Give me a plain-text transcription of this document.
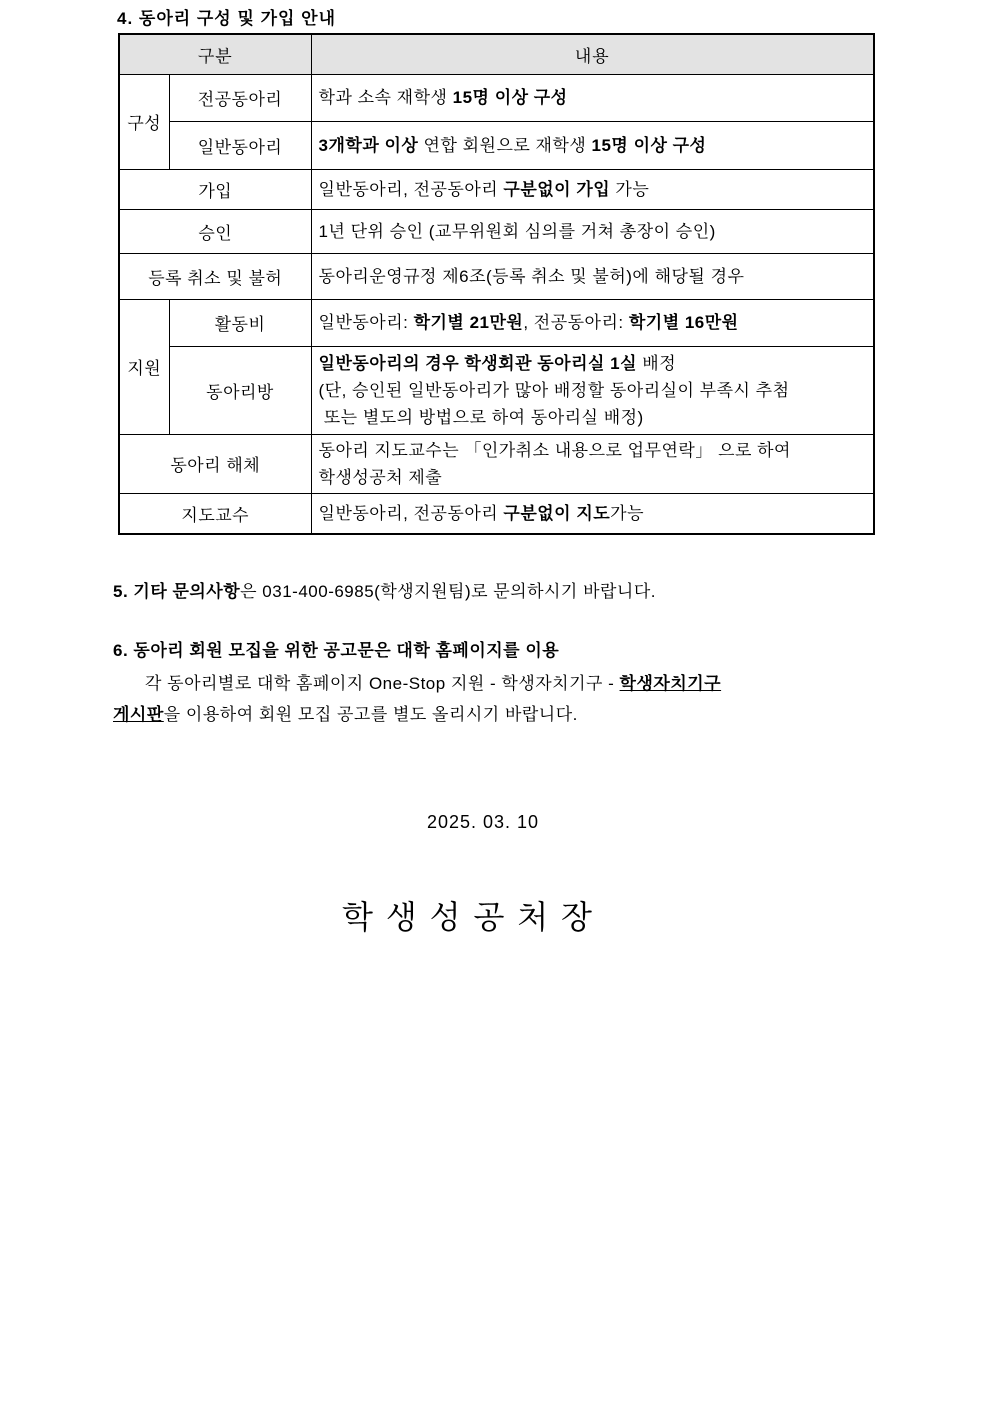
4. 동아리 구성 및 가입 안내
구분		내용
구성	전공동아리	학과 소속 재학생 15명 이상 구성
	일반동아리	3개학과 이상 연합 회원으로 재학생 15명 이상 구성
가입		일반동아리, 전공동아리 구분없이 가입 가능
승인		1년 단위 승인 (교무위원회 심의를 거쳐 총장이 승인)
등록 취소 및 불허		동아리운영규정 제6조(등록 취소 및 불허)에 해당될 경우
지원	활동비	일반동아리: 학기별 21만원, 전공동아리: 학기별 16만원
	동아리방	일반동아리의 경우 학생회관 동아리실 1실 배정
(단, 승인된 일반동아리가 많아 배정할 동아리실이 부족시 추첨
또는 별도의 방법으로 하여 동아리실 배정)

동아리 해체		동아리 지도교수는 「인가취소 내용으로 업무연락」 으로 하여
학생성공처 제출

지도교수		일반동아리, 전공동아리 구분없이 지도가능
5. 기타 문의사항은 031-400-6985(학생지원팀)로 문의하시기 바랍니다.
6. 동아리 회원 모집을 위한 공고문은 대학 홈페이지를 이용
각 동아리별로 대학 홈페이지 One-Stop 지원 - 학생자치기구 - 학생자치기구
게시판을 이용하여 회원 모집 공고를 별도 올리시기 바랍니다.
2025. 03. 10
학 생 성 공 처 장
